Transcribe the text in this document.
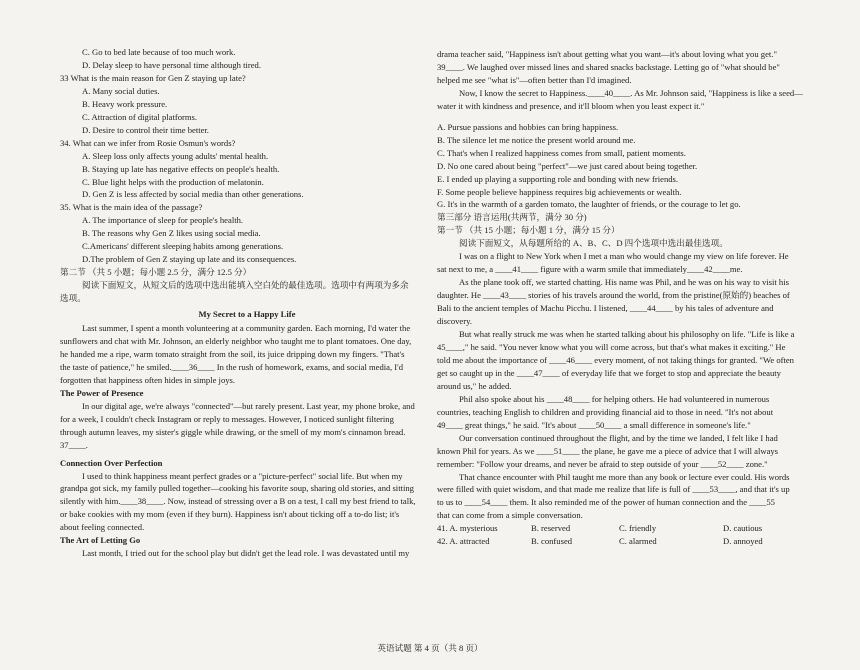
C. Go to bed late because of too much work.
D. Delay sleep to have personal time although tired.
33 What is the main reason for Gen Z staying up late?
A. Many social duties.
B. Heavy work pressure.
C. Attraction of digital platforms.
D. Desire to control their time better.
34. What can we infer from Rosie Osmun's words?
A. Sleep loss only affects young adults' mental health.
B. Staying up late has negative effects on people's health.
C. Blue light helps with the production of melatonin.
D. Gen Z is less affected by social media than other generations.
35. What is the main idea of the passage?
A. The importance of sleep for people's health.
B. The reasons why Gen Z likes using social media.
C.Americans' different sleeping habits among generations.
D.The problem of Gen Z staying up late and its consequences.
第二节 （共 5 小题；每小题 2.5 分，满分 12.5 分）
阅读下面短文，从短文后的选项中选出能填入空白处的最佳选项。选项中有两项为多余
选项。
My Secret to a Happy Life
Last summer, I spent a month volunteering at a community garden. Each morning, I'd water the
sunflowers and chat with Mr. Johnson, an elderly neighbor who taught me to plant tomatoes. One day,
he handed me a ripe, warm tomato straight from the soil, its juice dripping down my fingers. "That's
the taste of patience," he smiled.____36____ In the rush of homework, exams, and social media, I'd
forgotten that happiness often hides in simple joys.
The Power of Presence
In our digital age, we're always "connected"—but rarely present. Last year, my phone broke, and
for a week, I couldn't check Instagram or reply to messages. However, I noticed sunlight filtering
through autumn leaves, my sister's giggle while drawing, or the smell of my mom's cinnamon bread.
37____.
Connection Over Perfection
I used to think happiness meant perfect grades or a "picture-perfect" social life. But when my
grandpa got sick, my family pulled together—cooking his favorite soup, sharing old stories, and sitting
silently with him.____38____. Now, instead of stressing over a B on a test, I call my best friend to talk,
or bake cookies with my mom (even if they burn). Happiness isn't about ticking off a to-do list; it's
about feeling connected.
The Art of Letting Go
Last month, I tried out for the school play but didn't get the lead role. I was devastated until my
drama teacher said, "Happiness isn't about getting what you want—it's about loving what you get."
39____. We laughed over missed lines and shared snacks backstage. Letting go of "what should be"
helped me see "what is"—often better than I'd imagined.
Now, I know the secret to Happiness.____40____. As Mr. Johnson said, "Happiness is like a seed—
water it with kindness and presence, and it'll bloom when you least expect it."
A. Pursue passions and hobbies can bring happiness.
B. The silence let me notice the present world around me.
C. That's when I realized happiness comes from small, patient moments.
D. No one cared about being "perfect"—we just cared about being together.
E. I ended up playing a supporting role and bonding with new friends.
F. Some people believe happiness requires big achievements or wealth.
G. It's in the warmth of a garden tomato, the laughter of friends, or the courage to let go.
第三部分 语言运用(共两节，满分 30 分)
第一节 （共 15 小题；每小题 1 分，满分 15 分）
阅读下面短文，从每题所给的 A、B、C、D 四个选项中选出最佳选项。
I was on a flight to New York when I met a man who would change my view on life forever. He
sat next to me, a ____41____ figure with a warm smile that immediately____42____me.
As the plane took off, we started chatting. His name was Phil, and he was on his way to visit his
daughter. He ____43____ stories of his travels around the world, from the pristine(原始的) beaches of
Bali to the ancient temples of Machu Picchu. I listened, ____44____ by his tales of adventure and
discovery.
But what really struck me was when he started talking about his philosophy on life. "Life is like a
45____," he said. "You never know what you will come across, but that's what makes it exciting." He
told me about the importance of ____46____ every moment, of not taking things for granted. "We often
get so caught up in the ____47____ of everyday life that we forget to stop and appreciate the beauty
around us," he added.
Phil also spoke about his ____48____ for helping others. He had volunteered in numerous
countries, teaching English to children and providing financial aid to those in need. "It's not about
49____ great things," he said. "It's about ____50____ a small difference in someone's life."
Our conversation continued throughout the flight, and by the time we landed, I felt like I had
known Phil for years. As we ____51____ the plane, he gave me a piece of advice that I will always
remember: "Follow your dreams, and never be afraid to step outside of your ____52____ zone."
That chance encounter with Phil taught me more than any book or lecture ever could. His words
were filled with quiet wisdom, and that made me realize that life is full of ____53____, and that it's up
to us to ____54____ them. It also reminded me of the power of human connection and the ____55
that can come from a simple conversation.
41. A. mysterious	B. reserved	C. friendly	D. cautious
42. A. attracted	B. confused	C. alarmed	D. annoyed
英语试题 第 4 页（共 8 页）
